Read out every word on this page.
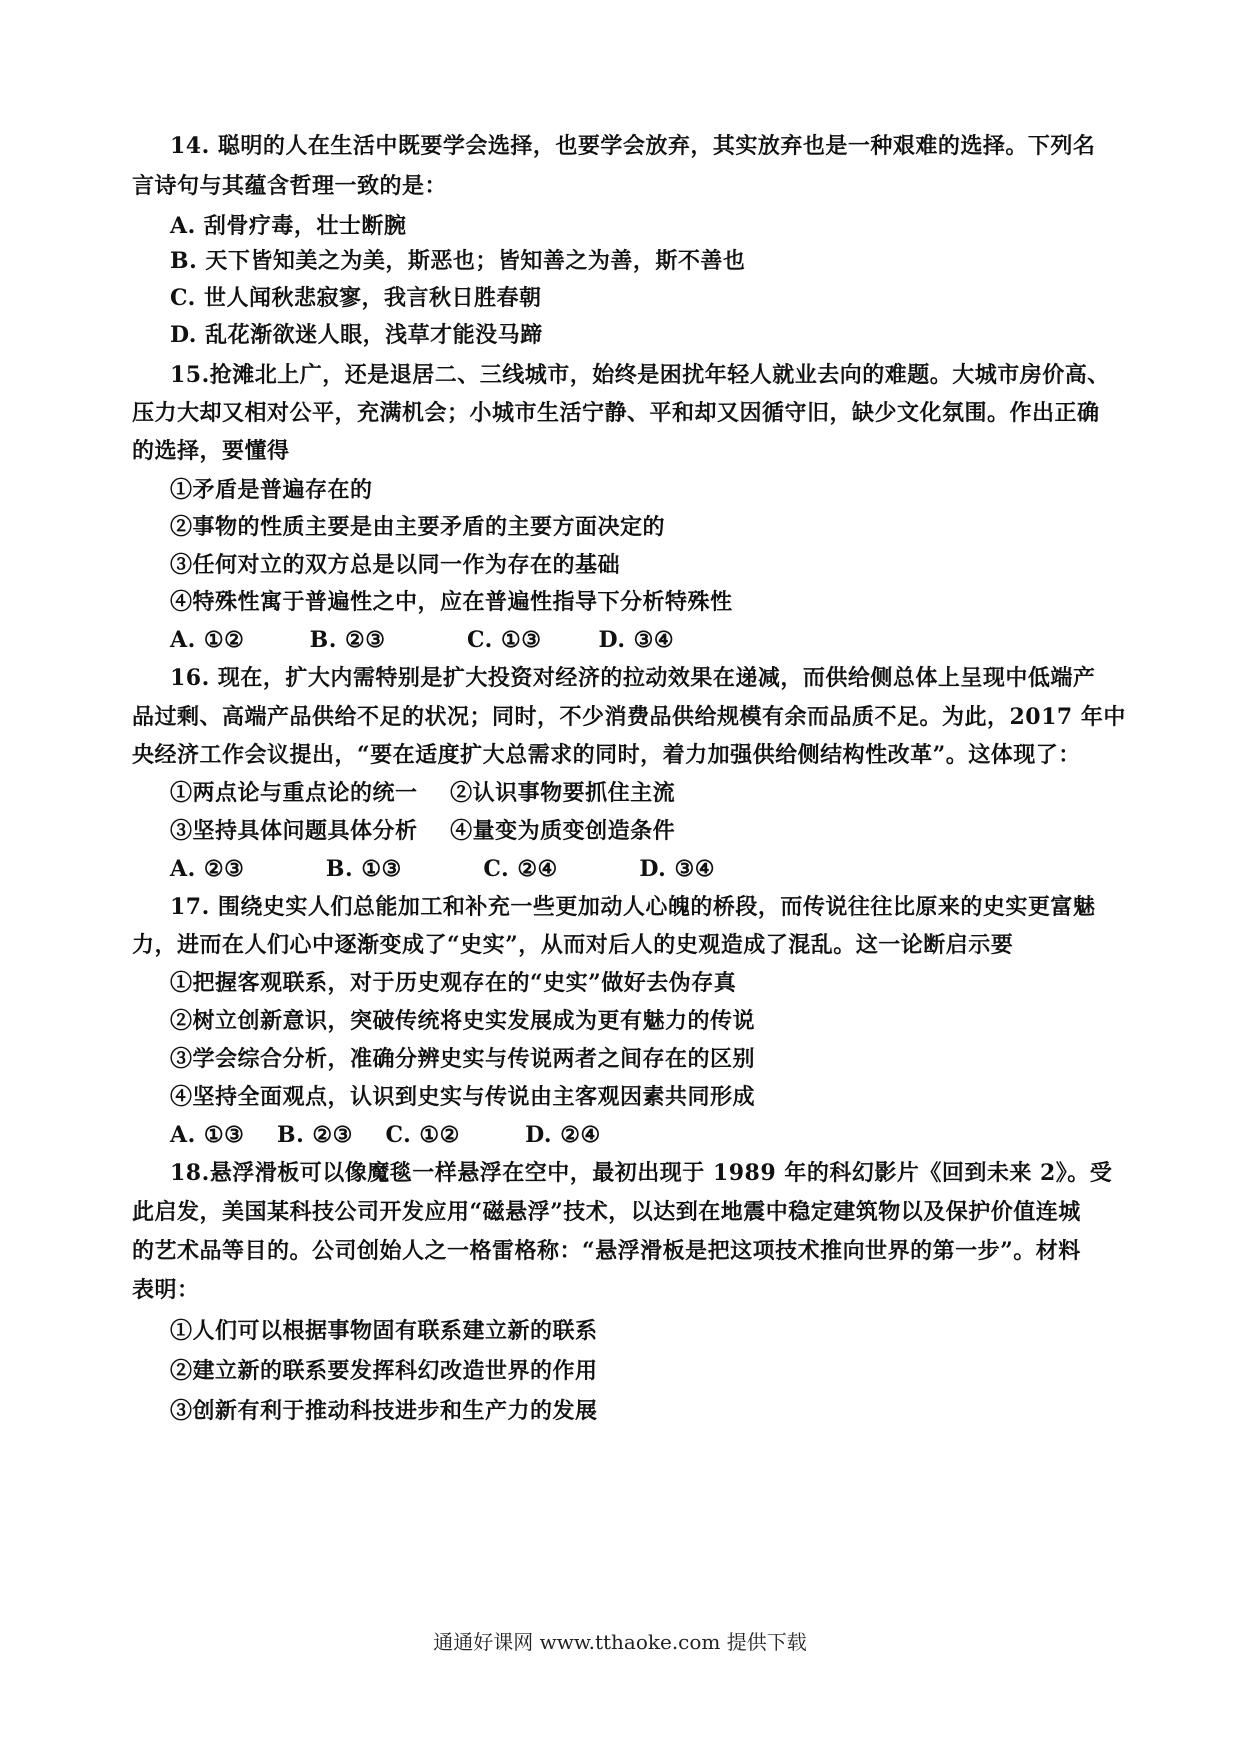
14. 聪明的人在生活中既要学会选择，也要学会放弃，其实放弃也是一种艰难的选择。下列名
言诗句与其蕴含哲理一致的是：
A. 刮骨疗毒，壮士断腕
B. 天下皆知美之为美，斯恶也；皆知善之为善，斯不善也
C. 世人闻秋悲寂寥，我言秋日胜春朝
D. 乱花渐欲迷人眼，浅草才能没马蹄
15.抢滩北上广，还是退居二、三线城市，始终是困扰年轻人就业去向的难题。大城市房价高、
压力大却又相对公平，充满机会；小城市生活宁静、平和却又因循守旧，缺少文化氛围。作出正确
的选择，要懂得
①矛盾是普遍存在的
②事物的性质主要是由主要矛盾的主要方面决定的
③任何对立的双方总是以同一作为存在的基础
④特殊性寓于普遍性之中，应在普遍性指导下分析特殊性
A. ①②        B. ②③          C. ①③       D. ③④
16. 现在，扩大内需特别是扩大投资对经济的拉动效果在递减，而供给侧总体上呈现中低端产
品过剩、高端产品供给不足的状况；同时，不少消费品供给规模有余而品质不足。为此，2017 年中
央经济工作会议提出，“要在适度扩大总需求的同时，着力加强供给侧结构性改革”。这体现了：
①两点论与重点论的统一    ②认识事物要抓住主流
③坚持具体问题具体分析    ④量变为质变创造条件
A. ②③          B. ①③          C. ②④          D. ③④
17. 围绕史实人们总能加工和补充一些更加动人心魄的桥段，而传说往往比原来的史实更富魅
力，进而在人们心中逐渐变成了“史实”，从而对后人的史观造成了混乱。这一论断启示要
①把握客观联系，对于历史观存在的“史实”做好去伪存真
②树立创新意识，突破传统将史实发展成为更有魅力的传说
③学会综合分析，准确分辨史实与传说两者之间存在的区别
④坚持全面观点，认识到史实与传说由主客观因素共同形成
A. ①③    B. ②③    C. ①②        D. ②④
18.悬浮滑板可以像魔毯一样悬浮在空中，最初出现于 1989 年的科幻影片《回到未来 2》。受
此启发，美国某科技公司开发应用“磁悬浮”技术，以达到在地震中稳定建筑物以及保护价值连城
的艺术品等目的。公司创始人之一格雷格称：“悬浮滑板是把这项技术推向世界的第一步”。材料
表明：
①人们可以根据事物固有联系建立新的联系
②建立新的联系要发挥科幻改造世界的作用
③创新有利于推动科技进步和生产力的发展
通通好课网 www.tthaoke.com 提供下载
